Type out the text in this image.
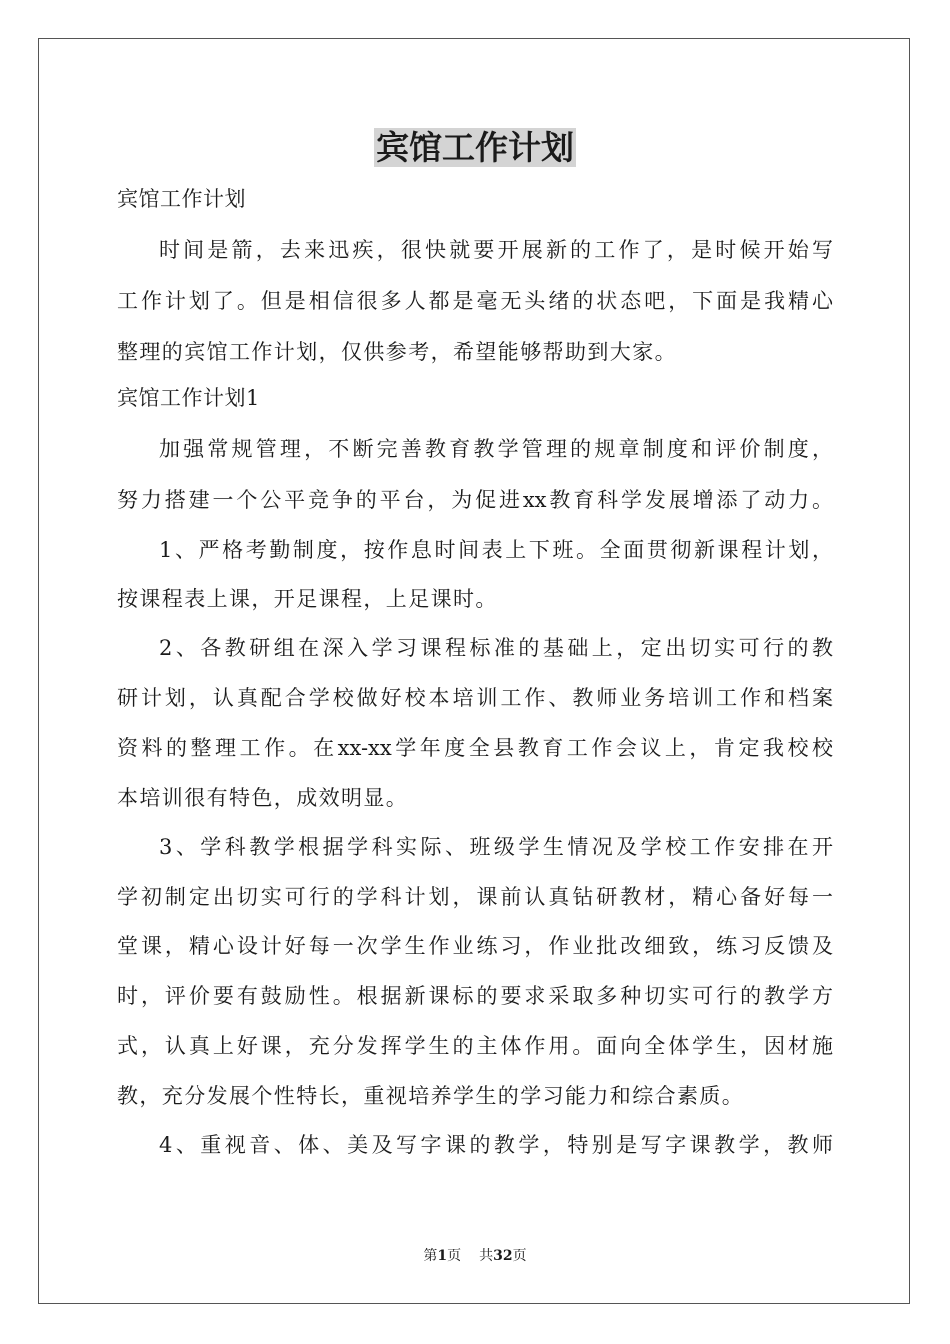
宾馆工作计划
宾馆工作计划
时间是箭，去来迅疾，很快就要开展新的工作了，是时候开始写
工作计划了。但是相信很多人都是毫无头绪的状态吧，下面是我精心
整理的宾馆工作计划，仅供参考，希望能够帮助到大家。
宾馆工作计划1
加强常规管理，不断完善教育教学管理的规章制度和评价制度，
努力搭建一个公平竞争的平台，为促进xx教育科学发展增添了动力。
1、严格考勤制度，按作息时间表上下班。全面贯彻新课程计划，
按课程表上课，开足课程，上足课时。
2、各教研组在深入学习课程标准的基础上，定出切实可行的教
研计划，认真配合学校做好校本培训工作、教师业务培训工作和档案
资料的整理工作。在xx-xx学年度全县教育工作会议上，肯定我校校
本培训很有特色，成效明显。
3、学科教学根据学科实际、班级学生情况及学校工作安排在开
学初制定出切实可行的学科计划，课前认真钻研教材，精心备好每一
堂课，精心设计好每一次学生作业练习，作业批改细致，练习反馈及
时，评价要有鼓励性。根据新课标的要求采取多种切实可行的教学方
式，认真上好课，充分发挥学生的主体作用。面向全体学生，因材施
教，充分发展个性特长，重视培养学生的学习能力和综合素质。
4、重视音、体、美及写字课的教学，特别是写字课教学，教师
第1页 共32页
